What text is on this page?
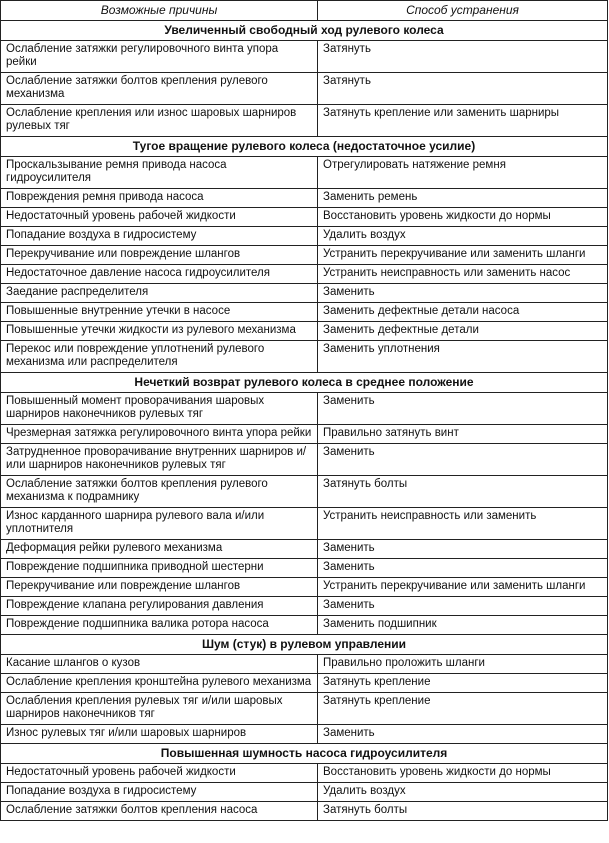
Возможные причины	Способ устранения
Увеличенный свободный ход рулевого колеса	
Ослабление затяжки регулировочного винта упора рейки	Затянуть
Ослабление затяжки болтов крепления рулевого механизма	Затянуть
Ослабление крепления или износ шаровых шарниров рулевых тяг	Затянуть крепление или заменить шарниры
Тугое вращение рулевого колеса (недостаточное усилие)	
Проскальзывание ремня привода насоса гидроусилителя	Отрегулировать натяжение ремня
Повреждения ремня привода насоса	Заменить ремень
Недостаточный уровень рабочей жидкости	Восстановить уровень жидкости до нормы
Попадание воздуха в гидросистему	Удалить воздух
Перекручивание или повреждение шлангов	Устранить перекручивание или заменить шланги
Недостаточное давление насоса гидроусилителя	Устранить неисправность или заменить насос
Заедание распределителя	Заменить
Повышенные внутренние утечки в насосе	Заменить дефектные детали насоса
Повышенные утечки жидкости из рулевого механизма	Заменить дефектные детали
Перекос или повреждение уплотнений рулевого механизма или распределителя	Заменить уплотнения
Нечеткий возврат рулевого колеса в среднее положение	
Повышенный момент проворачивания шаровых шарниров наконечников рулевых тяг	Заменить
Чрезмерная затяжка регулировочного винта упора рейки	Правильно затянуть винт
Затрудненное проворачивание внутренних шарниров и/или шарниров наконечников рулевых тяг	Заменить
Ослабление затяжки болтов крепления рулевого механизма к подрамнику	Затянуть болты
Износ карданного шарнира рулевого вала и/или уплотнителя	Устранить неисправность или заменить
Деформация рейки рулевого механизма	Заменить
Повреждение подшипника приводной шестерни	Заменить
Перекручивание или повреждение шлангов	Устранить перекручивание или заменить шланги
Повреждение клапана регулирования давления	Заменить
Повреждение подшипника валика ротора насоса	Заменить подшипник
Шум (стук) в рулевом управлении	
Касание шлангов о кузов	Правильно проложить шланги
Ослабление крепления кронштейна рулевого механизма	Затянуть крепление
Ослабления крепления рулевых тяг и/или шаровых шарниров наконечников тяг	Затянуть крепление
Износ рулевых тяг и/или шаровых шарниров	Заменить
Повышенная шумность насоса гидроусилителя	
Недостаточный уровень рабочей жидкости	Восстановить уровень жидкости до нормы
Попадание воздуха в гидросистему	Удалить воздух
Ослабление затяжки болтов крепления насоса	Затянуть болты
